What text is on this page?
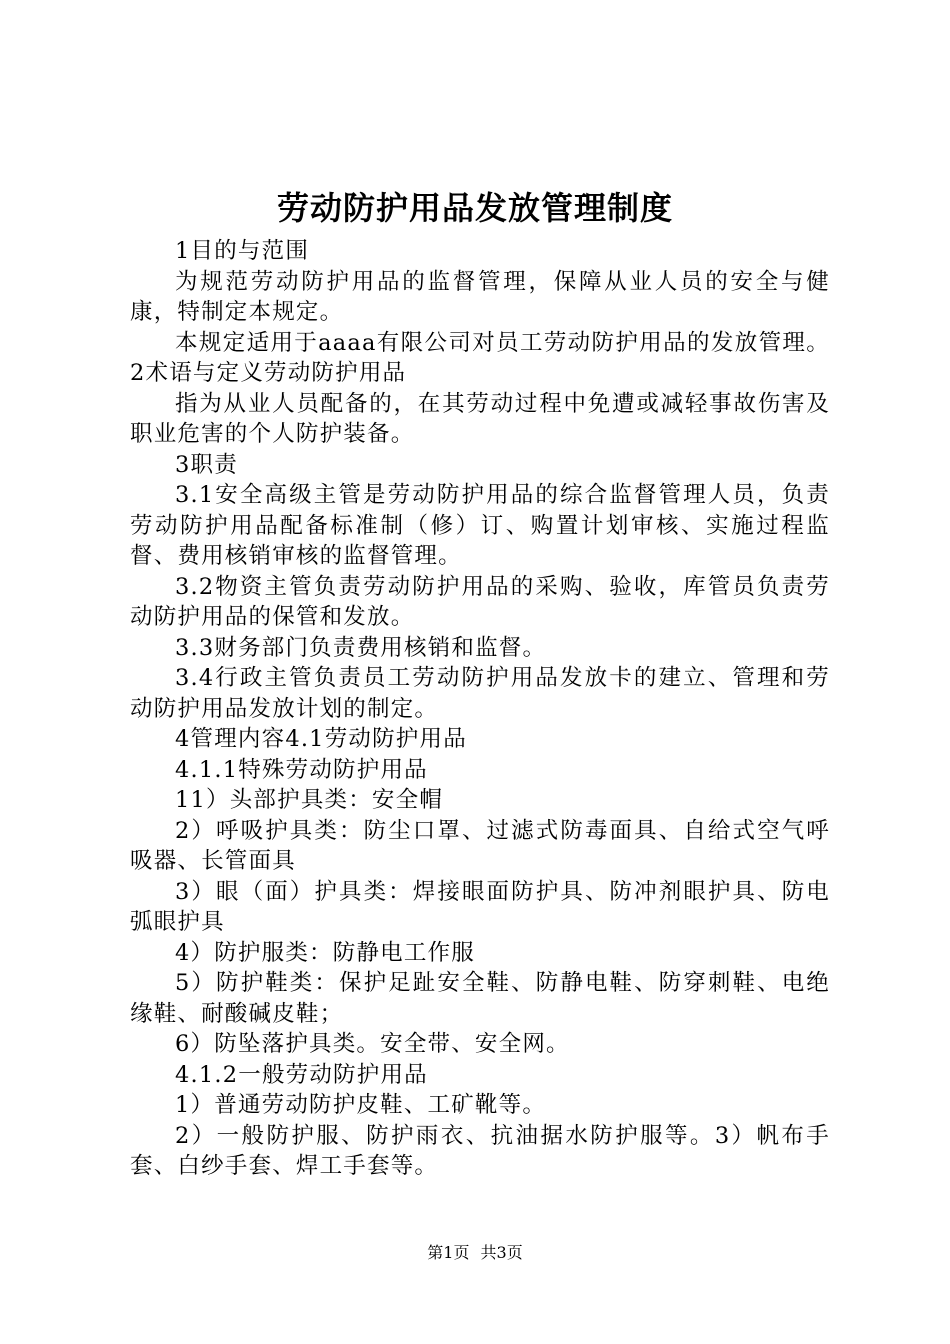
劳动防护用品发放管理制度

1目的与范围

为规范劳动防护用品的监督管理，保障从业人员的安全与健康，特制定本规定。

本规定适用于aaaa有限公司对员工劳动防护用品的发放管理。2术语与定义劳动防护用品

指为从业人员配备的，在其劳动过程中免遭或减轻事故伤害及职业危害的个人防护装备。

3职责

3.1安全高级主管是劳动防护用品的综合监督管理人员，负责劳动防护用品配备标准制（修）订、购置计划审核、实施过程监督、费用核销审核的监督管理。

3.2物资主管负责劳动防护用品的采购、验收，库管员负责劳动防护用品的保管和发放。

3.3财务部门负责费用核销和监督。

3.4行政主管负责员工劳动防护用品发放卡的建立、管理和劳动防护用品发放计划的制定。

4管理内容4.1劳动防护用品

4.1.1特殊劳动防护用品

11）头部护具类：安全帽

2）呼吸护具类：防尘口罩、过滤式防毒面具、自给式空气呼吸器、长管面具

3）眼（面）护具类：焊接眼面防护具、防冲剂眼护具、防电弧眼护具

4）防护服类：防静电工作服

5）防护鞋类：保护足趾安全鞋、防静电鞋、防穿刺鞋、电绝缘鞋、耐酸碱皮鞋；

6）防坠落护具类。安全带、安全网。

4.1.2一般劳动防护用品

1）普通劳动防护皮鞋、工矿靴等。

2）一般防护服、防护雨衣、抗油据水防护服等。3）帆布手套、白纱手套、焊工手套等。

第1页 共3页
